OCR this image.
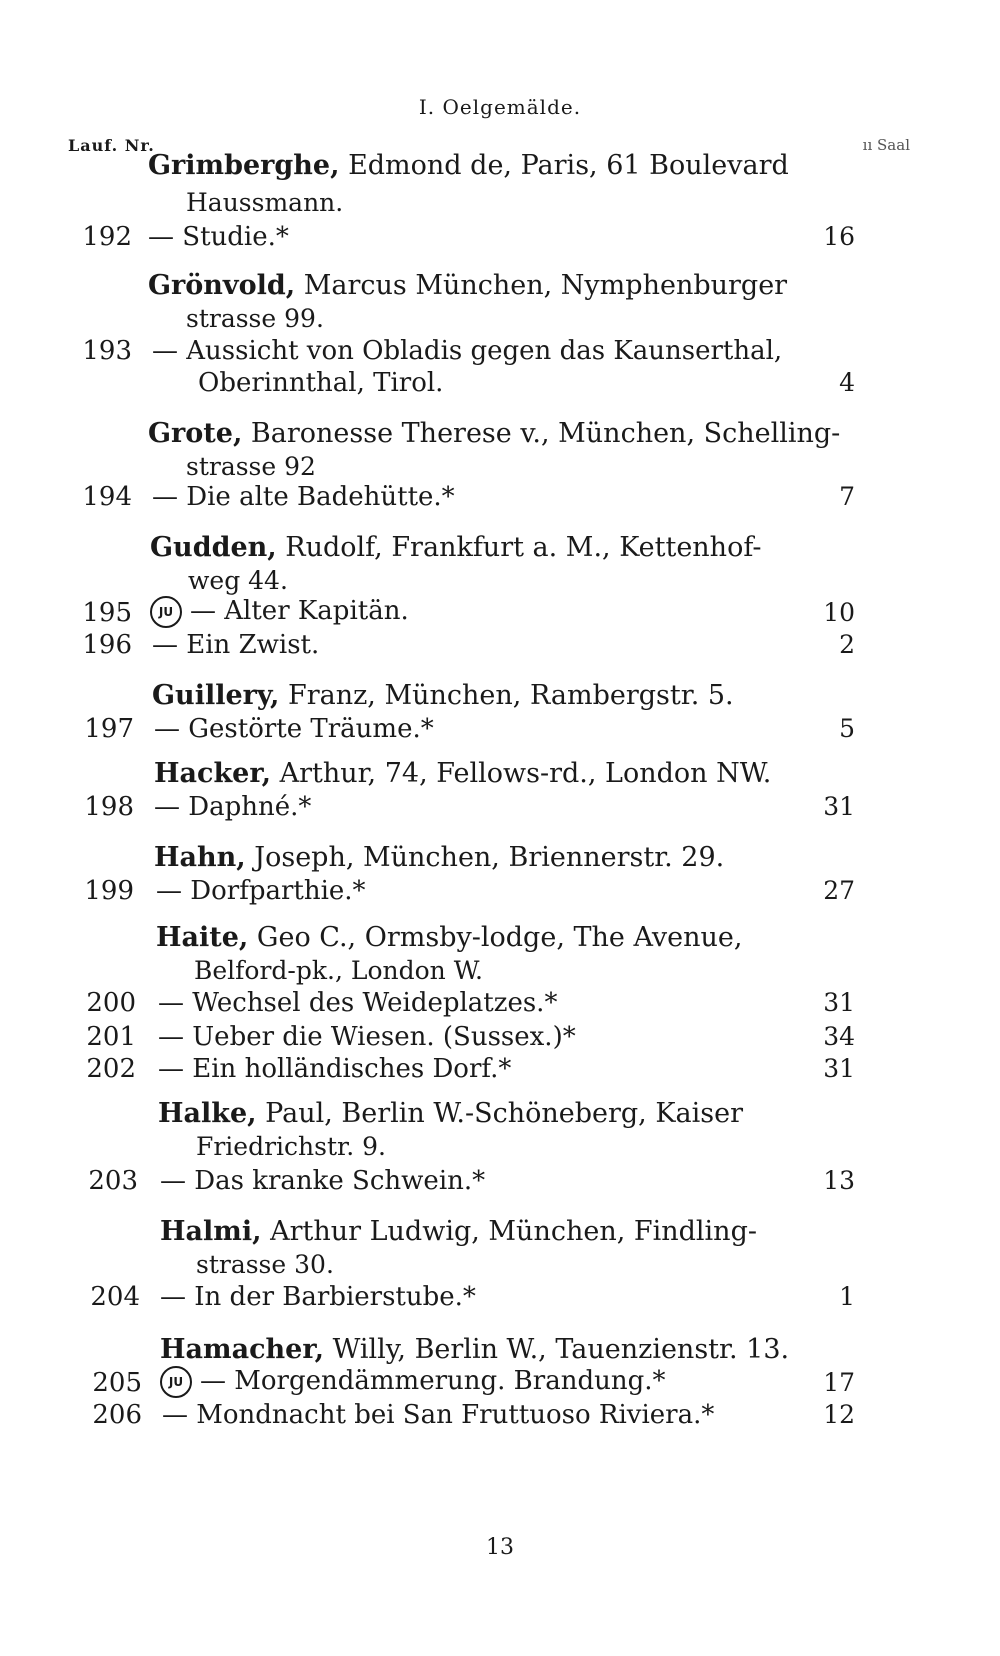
I. Oelgemälde.
Lauf. Nr.	ıı Saal
Grimberghe, Edmond de, Paris, 61 Boulevard
Haussmann.
192 — Studie.*	16
Grönvold, Marcus München, Nymphenburger
strasse 99.
193 — Aussicht von Obladis gegen das Kaunserthal,
Oberinnthal, Tirol.	4
Grote, Baronesse Therese v., München, Schelling-
strasse 92
194 — Die alte Badehütte.*	7
Gudden, Rudolf, Frankfurt a. M., Kettenhof-
weg 44.
195	JU — Alter Kapitän.	10
196 — Ein Zwist.	2
Guillery, Franz, München, Rambergstr. 5.
197 — Gestörte Träume.*	5
Hacker, Arthur, 74, Fellows-rd., London NW.
198 — Daphné.*	31
Hahn, Joseph, München, Briennerstr. 29.
199 — Dorfparthie.*	27
Haite, Geo C., Ormsby-lodge, The Avenue,
Belford-pk., London W.
200 — Wechsel des Weideplatzes.*	31
201 — Ueber die Wiesen. (Sussex.)*	34
202 — Ein holländisches Dorf.*	31
Halke, Paul, Berlin W.-Schöneberg, Kaiser
Friedrichstr. 9.
203 — Das kranke Schwein.*	13
Halmi, Arthur Ludwig, München, Findling-
strasse 30.
204 — In der Barbierstube.*	1
Hamacher, Willy, Berlin W., Tauenzienstr. 13.
205	JU — Morgendämmerung. Brandung.*	17
206 — Mondnacht bei San Fruttuoso Riviera.*	12
13
